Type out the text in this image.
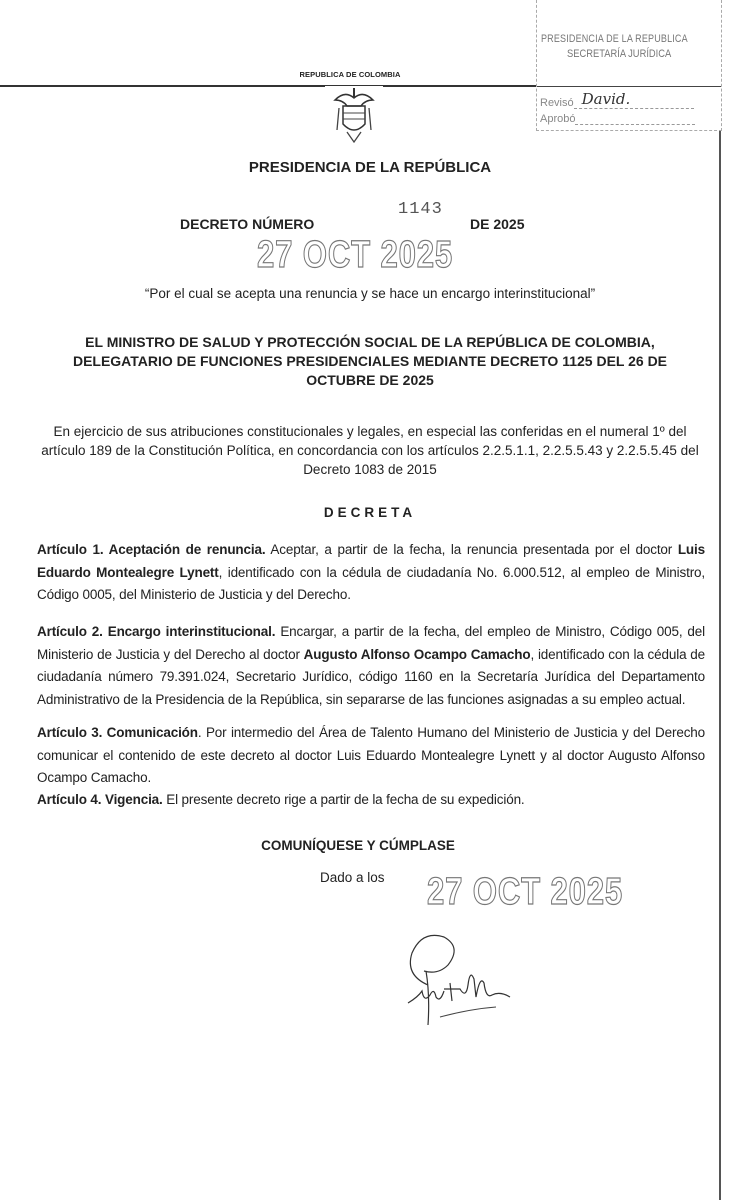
REPUBLICA DE COLOMBIA
PRESIDENCIA DE LA REPUBLICA
SECRETARÍA JURÍDICA
Revisó David.
Aprobó
PRESIDENCIA DE LA REPÚBLICA
DECRETO NÚMERO
1143
DE 2025
27 OCT 2025
“Por el cual se acepta una renuncia y se hace un encargo interinstitucional”
EL MINISTRO DE SALUD Y PROTECCIÓN SOCIAL DE LA REPÚBLICA DE COLOMBIA, DELEGATARIO DE FUNCIONES PRESIDENCIALES MEDIANTE DECRETO 1125 DEL 26 DE OCTUBRE DE 2025
En ejercicio de sus atribuciones constitucionales y legales, en especial las conferidas en el numeral 1º del artículo 189 de la Constitución Política, en concordancia con los artículos 2.2.5.1.1, 2.2.5.5.43 y 2.2.5.5.45 del Decreto 1083 de 2015
DECRETA
Artículo 1. Aceptación de renuncia. Aceptar, a partir de la fecha, la renuncia presentada por el doctor Luis Eduardo Montealegre Lynett, identificado con la cédula de ciudadanía No. 6.000.512, al empleo de Ministro, Código 0005, del Ministerio de Justicia y del Derecho.
Artículo 2. Encargo interinstitucional. Encargar, a partir de la fecha, del empleo de Ministro, Código 005, del Ministerio de Justicia y del Derecho al doctor Augusto Alfonso Ocampo Camacho, identificado con la cédula de ciudadanía número 79.391.024, Secretario Jurídico, código 1160 en la Secretaría Jurídica del Departamento Administrativo de la Presidencia de la República, sin separarse de las funciones asignadas a su empleo actual.
Artículo 3. Comunicación. Por intermedio del Área de Talento Humano del Ministerio de Justicia y del Derecho comunicar el contenido de este decreto al doctor Luis Eduardo Montealegre Lynett y al doctor Augusto Alfonso Ocampo Camacho.
Artículo 4. Vigencia. El presente decreto rige a partir de la fecha de su expedición.
COMUNÍQUESE Y CÚMPLASE
Dado a los 27 OCT 2025
